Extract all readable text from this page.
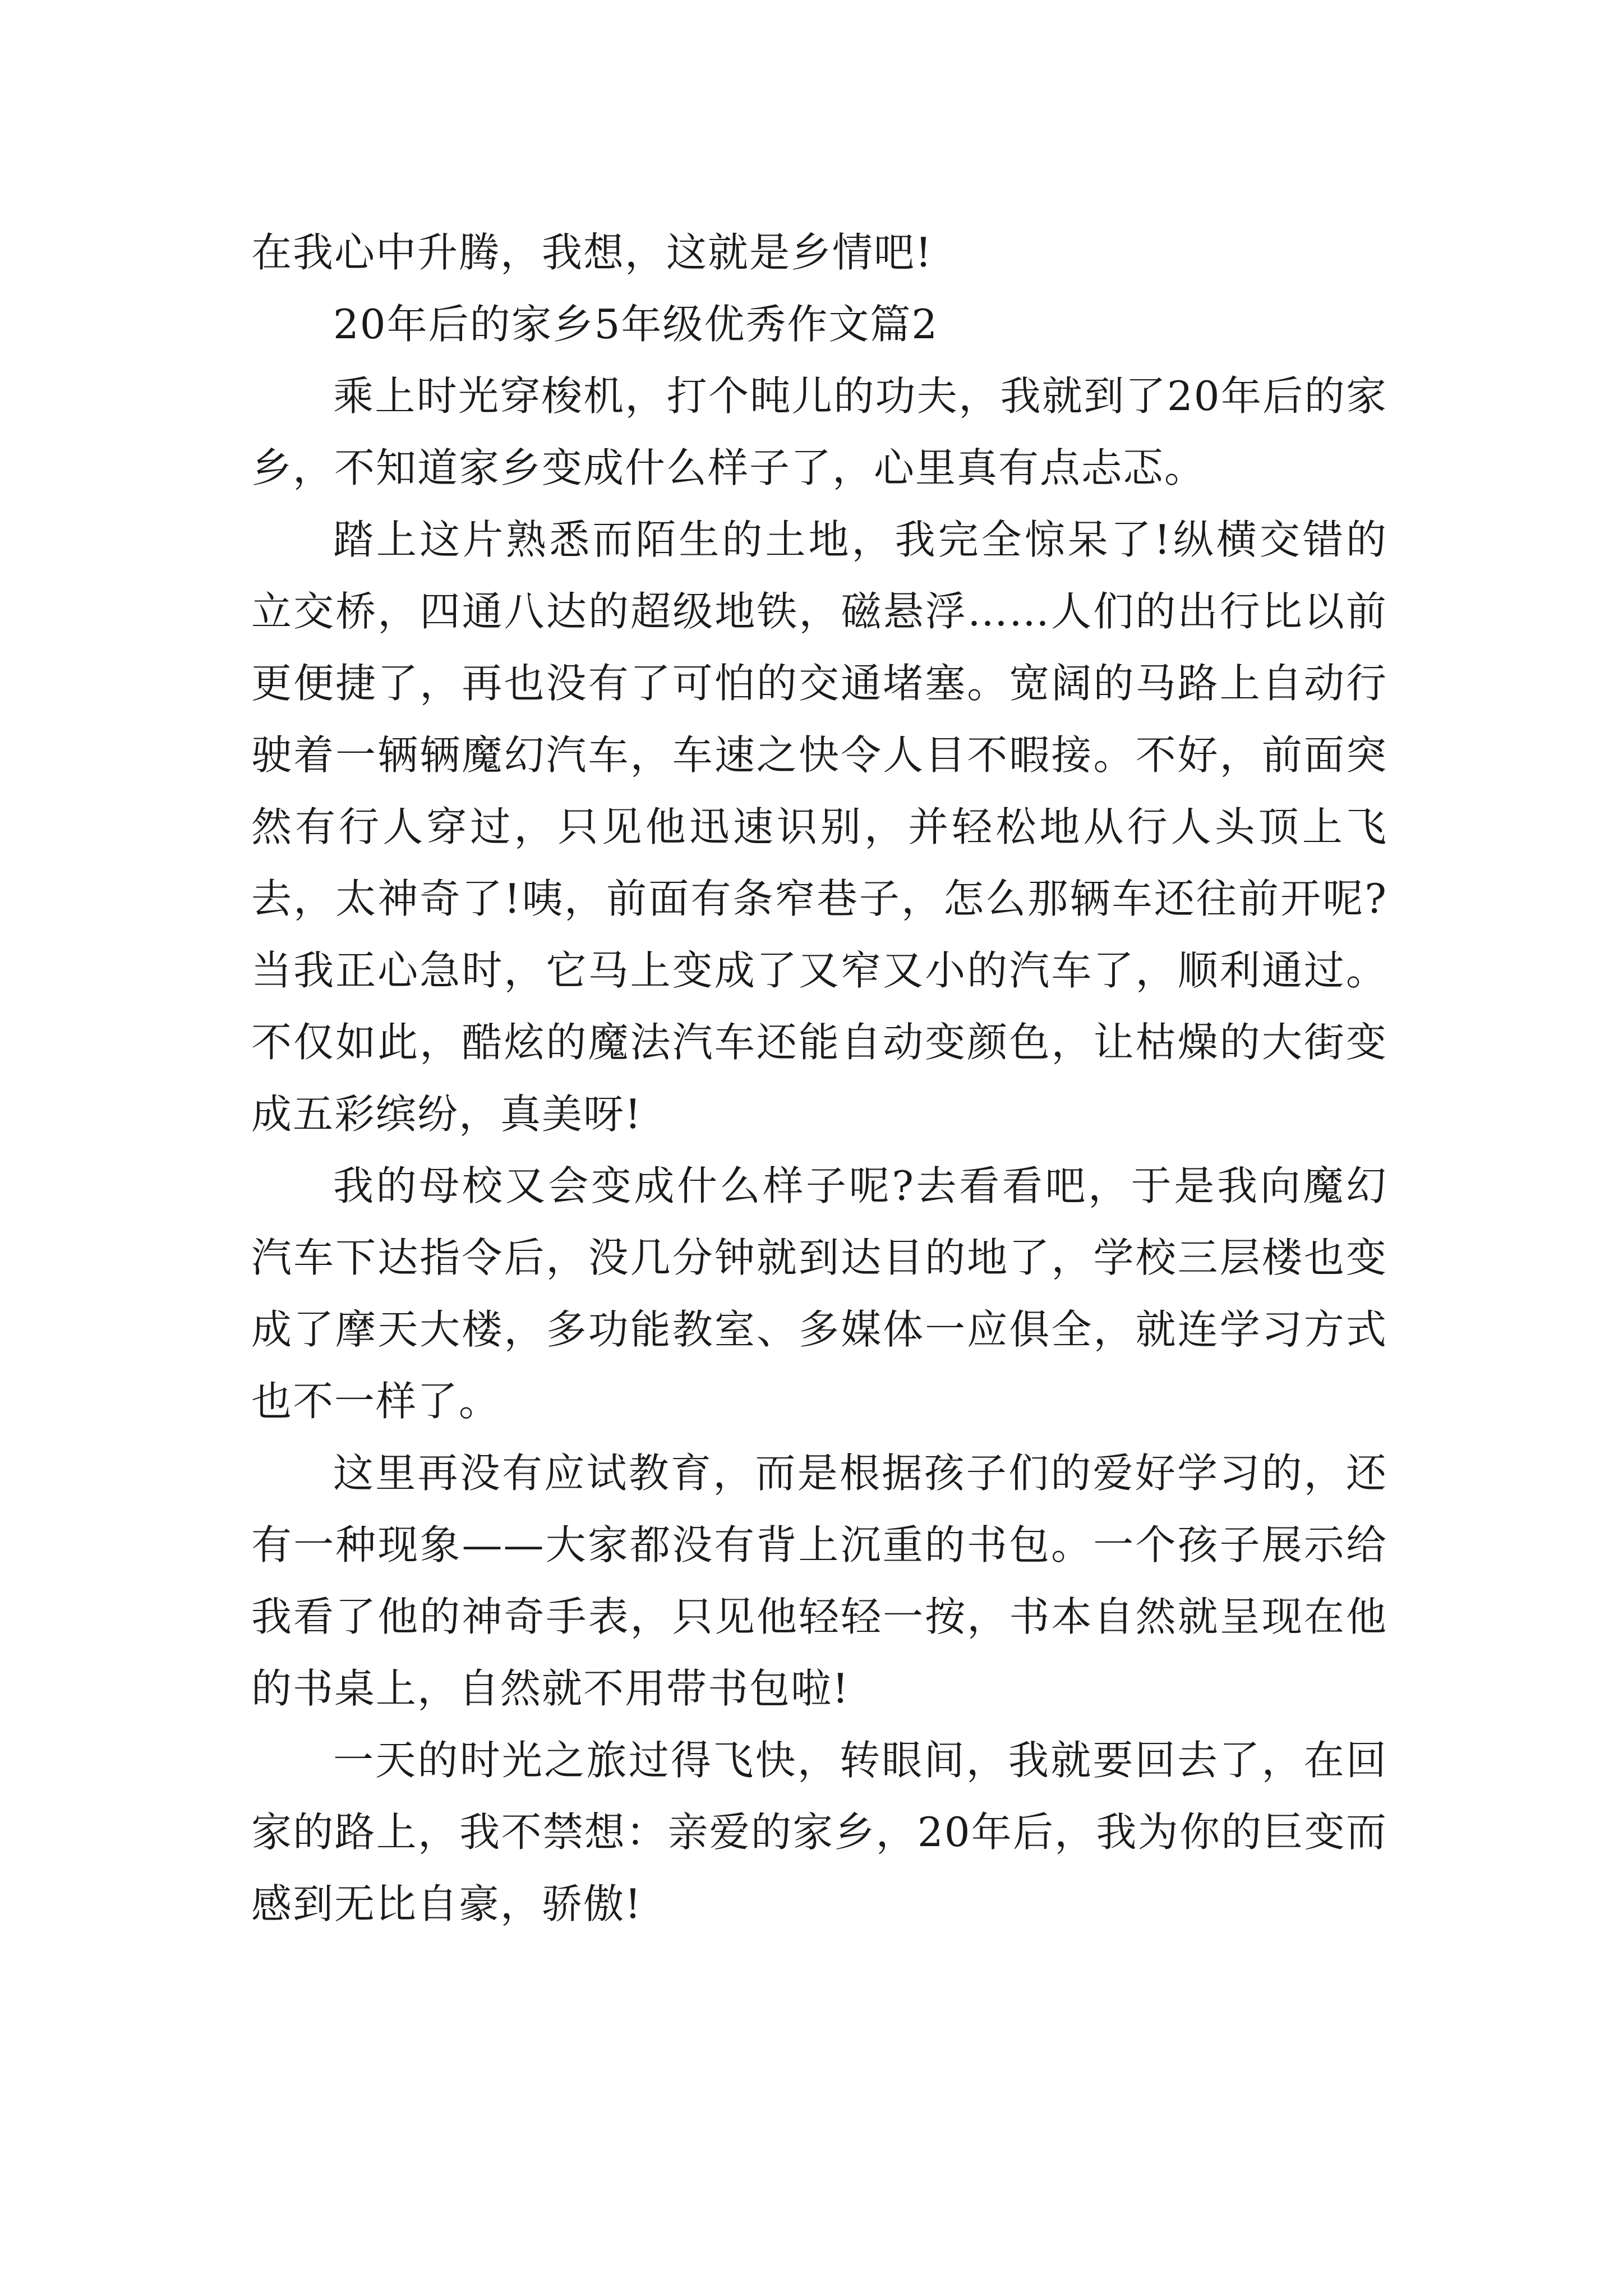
在我心中升腾，我想，这就是乡情吧!

20年后的家乡5年级优秀作文篇2

乘上时光穿梭机，打个盹儿的功夫，我就到了20年后的家乡，不知道家乡变成什么样子了，心里真有点忐忑。

踏上这片熟悉而陌生的土地，我完全惊呆了!纵横交错的立交桥，四通八达的超级地铁，磁悬浮……人们的出行比以前更便捷了，再也没有了可怕的交通堵塞。宽阔的马路上自动行驶着一辆辆魔幻汽车，车速之快令人目不暇接。不好，前面突然有行人穿过，只见他迅速识别，并轻松地从行人头顶上飞去，太神奇了!咦，前面有条窄巷子，怎么那辆车还往前开呢?当我正心急时，它马上变成了又窄又小的汽车了，顺利通过。不仅如此，酷炫的魔法汽车还能自动变颜色，让枯燥的大街变成五彩缤纷，真美呀!

我的母校又会变成什么样子呢?去看看吧，于是我向魔幻汽车下达指令后，没几分钟就到达目的地了，学校三层楼也变成了摩天大楼，多功能教室、多媒体一应俱全，就连学习方式也不一样了。

这里再没有应试教育，而是根据孩子们的爱好学习的，还有一种现象——大家都没有背上沉重的书包。一个孩子展示给我看了他的神奇手表，只见他轻轻一按，书本自然就呈现在他的书桌上，自然就不用带书包啦!

一天的时光之旅过得飞快，转眼间，我就要回去了，在回家的路上，我不禁想：亲爱的家乡，20年后，我为你的巨变而感到无比自豪，骄傲!
